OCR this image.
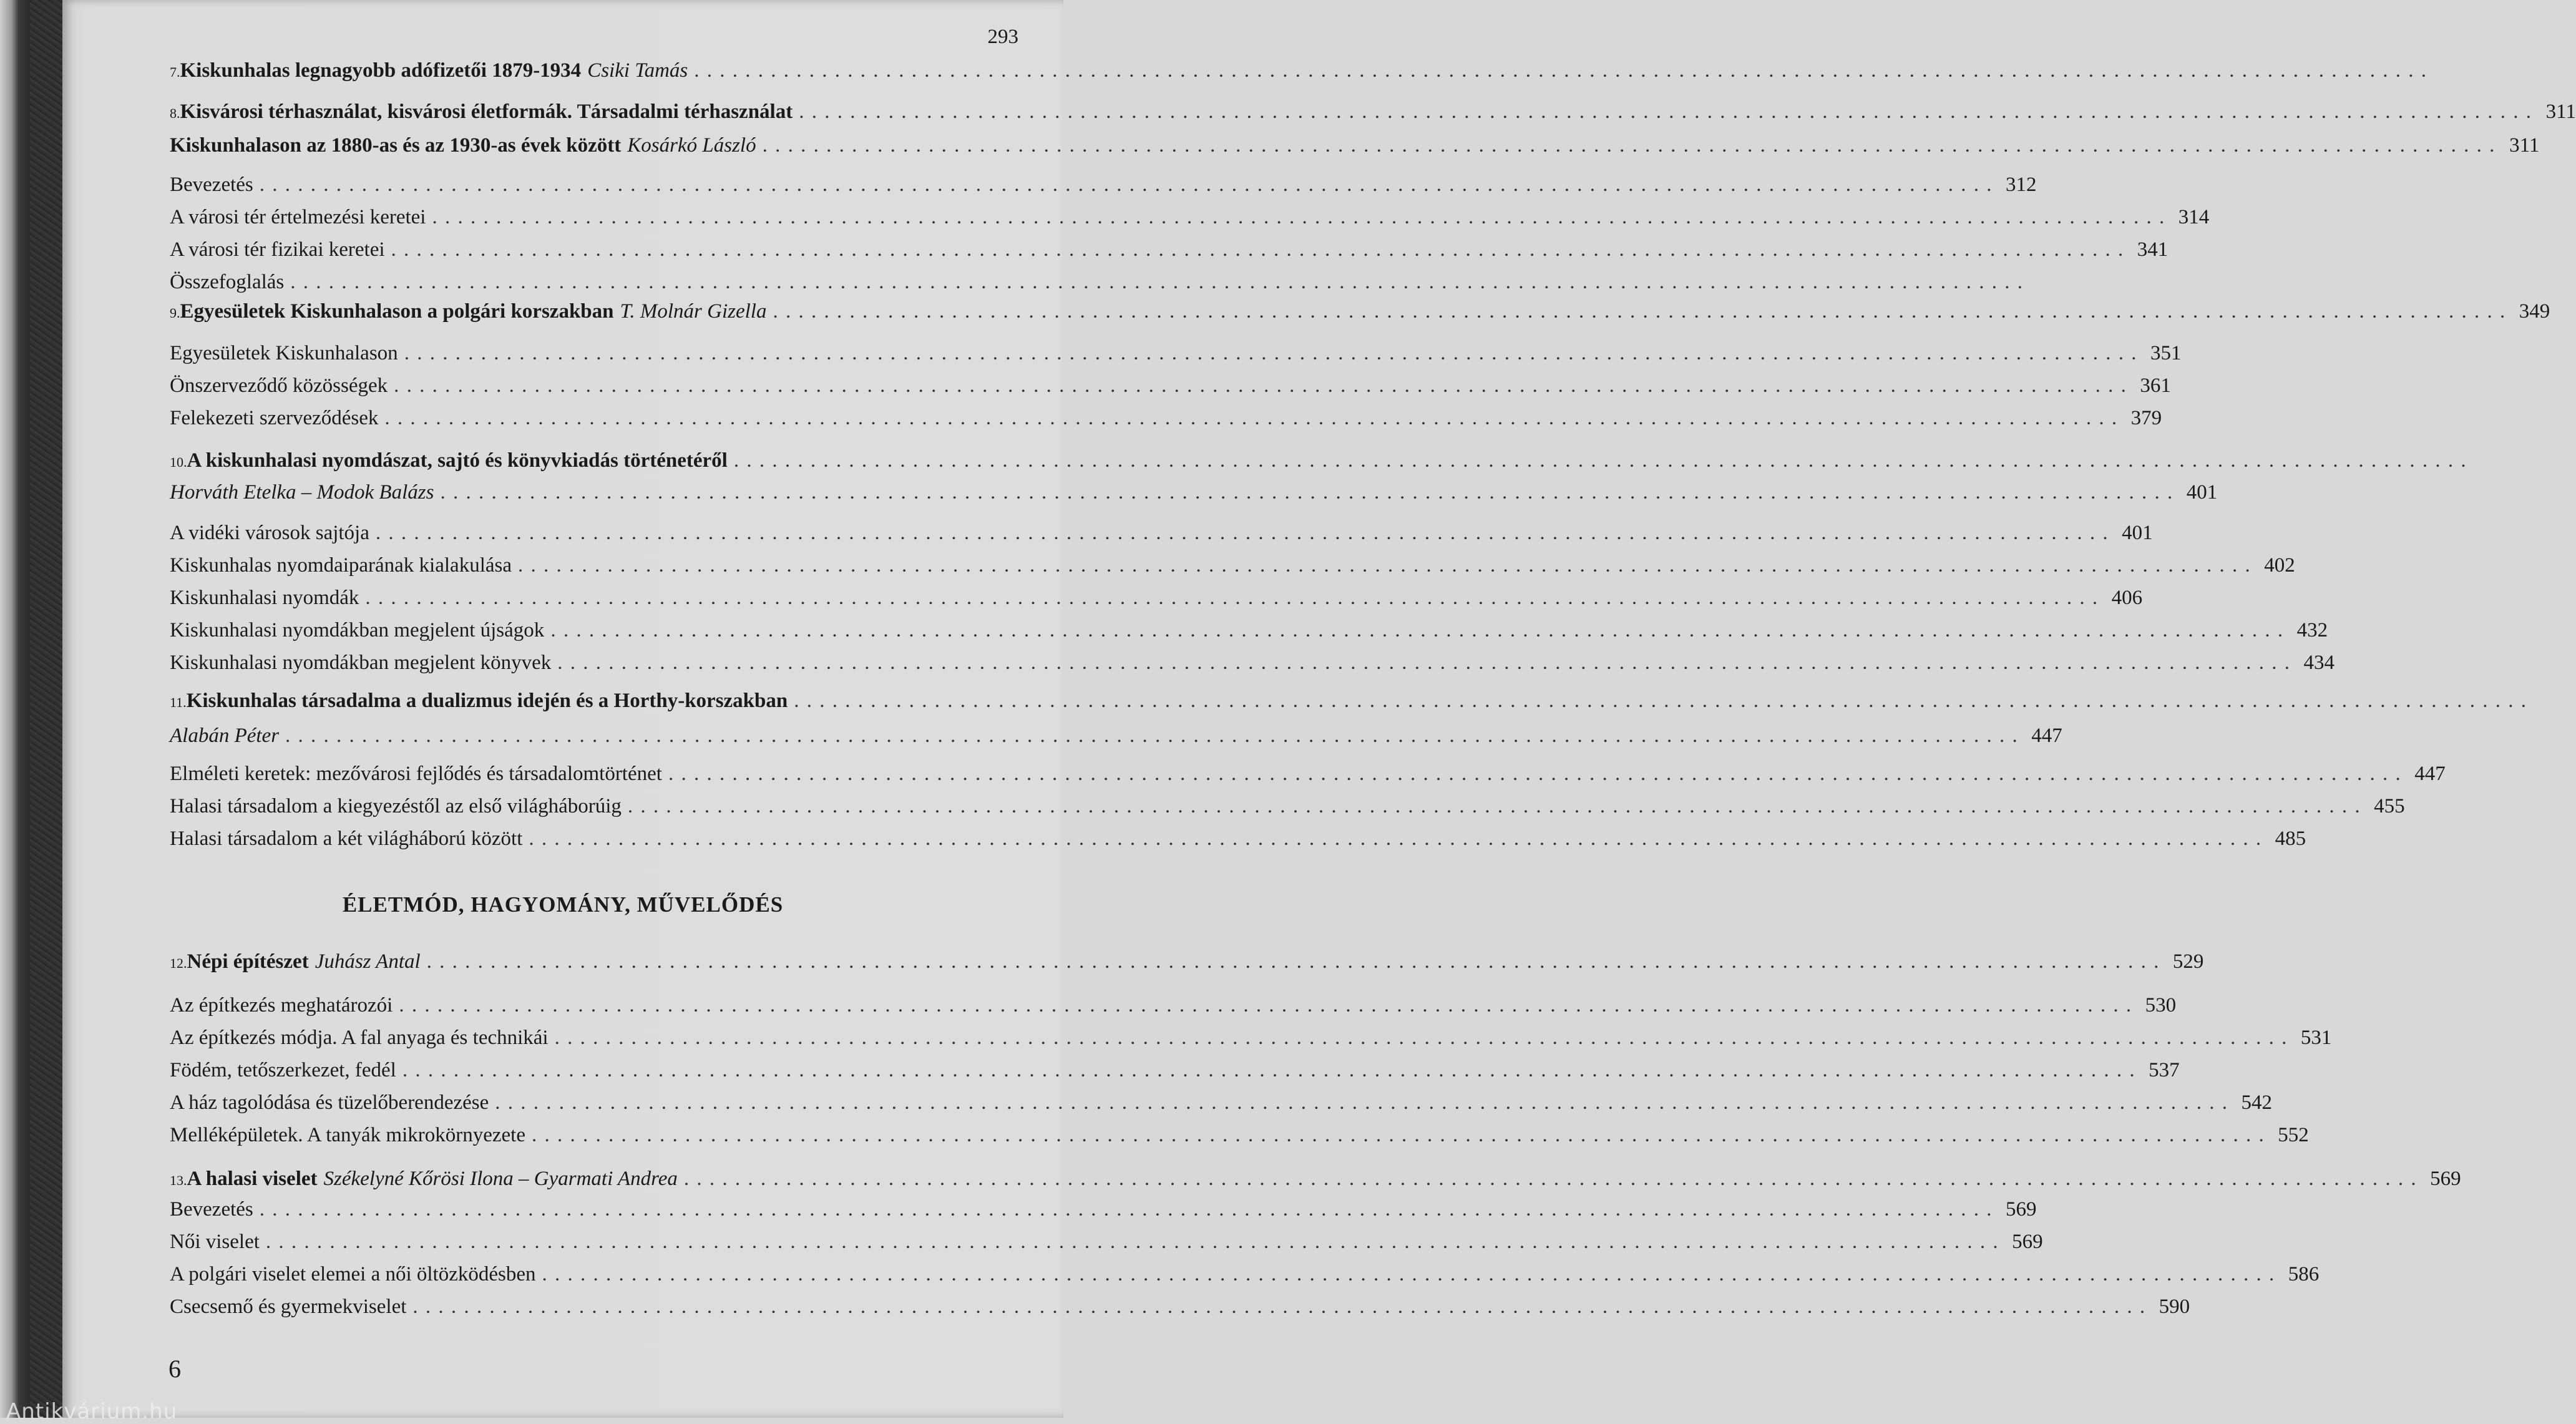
293
7. Kiskunhalas legnagyobb adófizetői 1879-1934 Csiki Tamás
. . .
8. Kisvárosi térhasználat, kisvárosi életformák. Társadalmi térhasználat . . .	311
Kiskunhalason az 1880-as és az 1930-as évek között Kosárkó László . . .	311
Bevezetés . . .	312
A városi tér értelmezési keretei . . .	314
A városi tér fizikai keretei . . .	341
Összefoglalás
. . .
9. Egyesületek Kiskunhalason a polgári korszakban T. Molnár Gizella . . .	349
Egyesületek Kiskunhalason . . .	351
Önszerveződő közösségek . . .	361
Felekezeti szerveződések . . .	379
10. A kiskunhalasi nyomdászat, sajtó és könyvkiadás történetéről
. . .
Horváth Etelka – Modok Balázs . . .	401
A vidéki városok sajtója . . .	401
Kiskunhalas nyomdaiparának kialakulása . . .	402
Kiskunhalasi nyomdák . . .	406
Kiskunhalasi nyomdákban megjelent újságok . . .	432
Kiskunhalasi nyomdákban megjelent könyvek . . .	434
11. Kiskunhalas társadalma a dualizmus idején és a Horthy-korszakban
. . .
Alabán Péter . . .	447
Elméleti keretek: mezővárosi fejlődés és társadalomtörténet . . .	447
Halasi társadalom a kiegyezéstől az első világháborúig . . .	455
Halasi társadalom a két világháború között . . .	485
12. Népi építészet Juhász Antal . . .	529
Az építkezés meghatározói . . .	530
Az építkezés módja. A fal anyaga és technikái . . .	531
Födém, tetőszerkezet, fedél . . .	537
A ház tagolódása és tüzelőberendezése . . .	542
Melléképületek. A tanyák mikrokörnyezete . . .	552
13. A halasi viselet Székelyné Kőrösi Ilona – Gyarmati Andrea . . .	569
Bevezetés . . .	569
Női viselet . . .	569
A polgári viselet elemei a női öltözködésben . . .	586
Csecsemő és gyermekviselet . . .	590
ÉLETMÓD, HAGYOMÁNY, MŰVELŐDÉS
6
Antikvárium.hu
